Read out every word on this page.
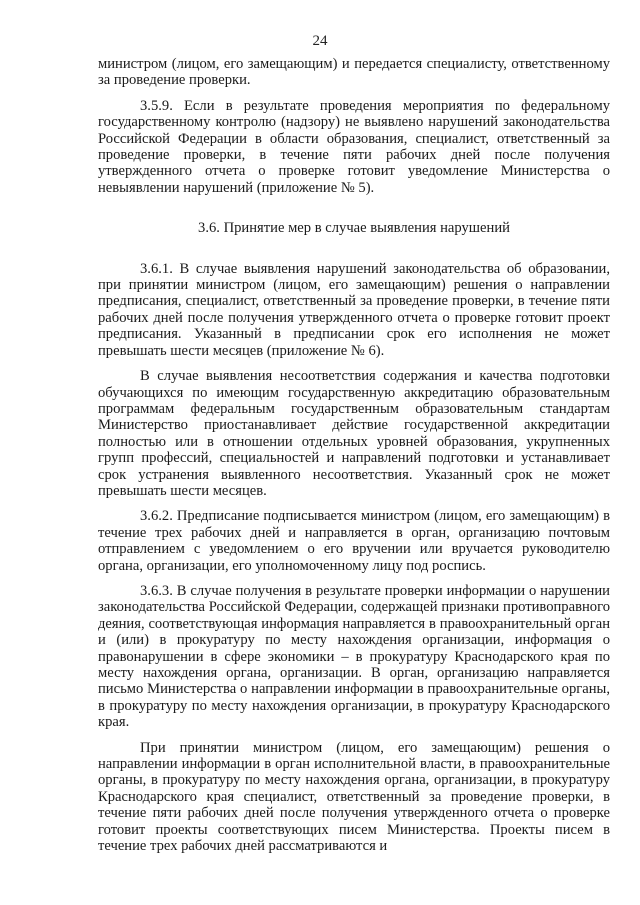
24

министром (лицом, его замещающим) и передается специалисту, ответственному за проведение проверки.

3.5.9. Если в результате проведения мероприятия по федеральному государственному контролю (надзору) не выявлено нарушений законодательства Российской Федерации в области образования, специалист, ответственный за проведение проверки, в течение пяти рабочих дней после получения утвержденного отчета о проверке готовит уведомление Министерства о невыявлении нарушений (приложение № 5).

3.6. Принятие мер в случае выявления нарушений

3.6.1. В случае выявления нарушений законодательства об образовании, при принятии министром (лицом, его замещающим) решения о направлении предписания, специалист, ответственный за проведение проверки, в течение пяти рабочих дней после получения утвержденного отчета о проверке готовит проект предписания. Указанный в предписании срок его исполнения не может превышать шести месяцев (приложение № 6).

В случае выявления несоответствия содержания и качества подготовки обучающихся по имеющим государственную аккредитацию образовательным программам федеральным государственным образовательным стандартам Министерство приостанавливает действие государственной аккредитации полностью или в отношении отдельных уровней образования, укрупненных групп профессий, специальностей и направлений подготовки и устанавливает срок устранения выявленного несоответствия. Указанный срок не может превышать шести месяцев.

3.6.2. Предписание подписывается министром (лицом, его замещающим) в течение трех рабочих дней и направляется в орган, организацию почтовым отправлением с уведомлением о его вручении или вручается руководителю органа, организации, его уполномоченному лицу под роспись.

3.6.3. В случае получения в результате проверки информации о нарушении законодательства Российской Федерации, содержащей признаки противоправного деяния, соответствующая информация направляется в правоохранительный орган и (или) в прокуратуру по месту нахождения организации, информация о правонарушении в сфере экономики – в прокуратуру Краснодарского края по месту нахождения органа, организации. В орган, организацию направляется письмо Министерства о направлении информации в правоохранительные органы, в прокуратуру по месту нахождения организации, в прокуратуру Краснодарского края.

При принятии министром (лицом, его замещающим) решения о направлении информации в орган исполнительной власти, в правоохранительные органы, в прокуратуру по месту нахождения органа, организации, в прокуратуру Краснодарского края специалист, ответственный за проведение проверки, в течение пяти рабочих дней после получения утвержденного отчета о проверке готовит проекты соответствующих писем Министерства. Проекты писем в течение трех рабочих дней рассматриваются и
